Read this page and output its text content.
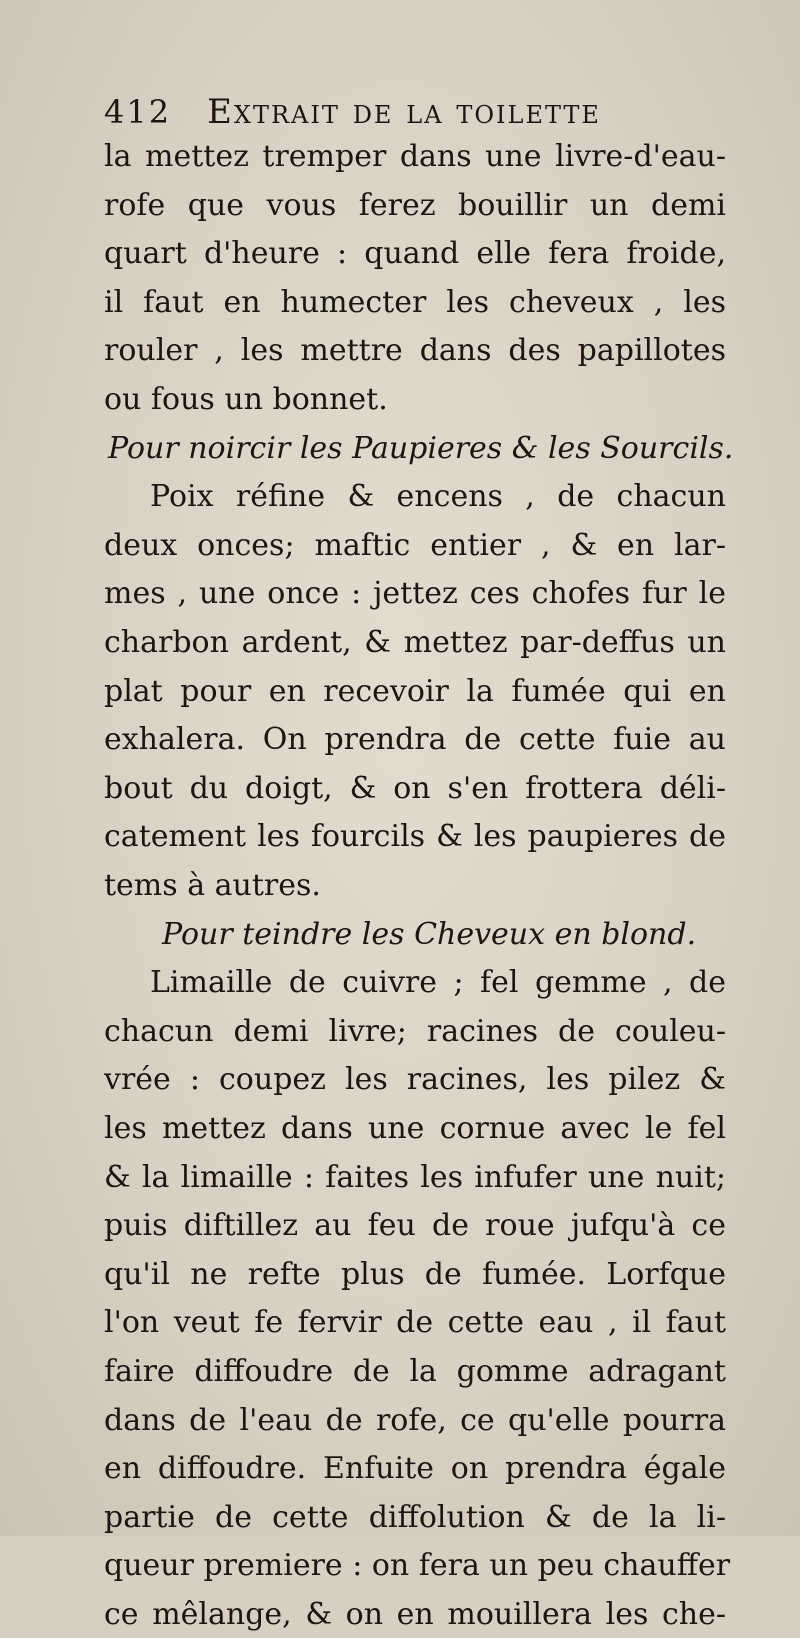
412 Extrait de la toilette
la mettez tremper dans une livre-d'eau-
rofe que vous ferez bouillir un demi
quart d'heure : quand elle fera froide,
il faut en humecter les cheveux , les
rouler , les mettre dans des papillotes
ou fous un bonnet.
Pour noircir les Paupieres & les Sourcils.
Poix réfine & encens , de chacun
deux onces; maftic entier , & en lar-
mes , une once : jettez ces chofes fur le
charbon ardent, & mettez par-deffus un
plat pour en recevoir la fumée qui en
exhalera. On prendra de cette fuie au
bout du doigt, & on s'en frottera déli-
catement les fourcils & les paupieres de
tems à autres.
Pour teindre les Cheveux en blond.
Limaille de cuivre ; fel gemme , de
chacun demi livre; racines de couleu-
vrée : coupez les racines, les pilez &
les mettez dans une cornue avec le fel
& la limaille : faites les infufer une nuit;
puis diftillez au feu de roue jufqu'à ce
qu'il ne refte plus de fumée. Lorfque
l'on veut fe fervir de cette eau , il faut
faire diffoudre de la gomme adragant
dans de l'eau de rofe, ce qu'elle pourra
en diffoudre. Enfuite on prendra égale
partie de cette diffolution & de la li-
queur premiere : on fera un peu chauffer
ce mêlange, & on en mouillera les che-
